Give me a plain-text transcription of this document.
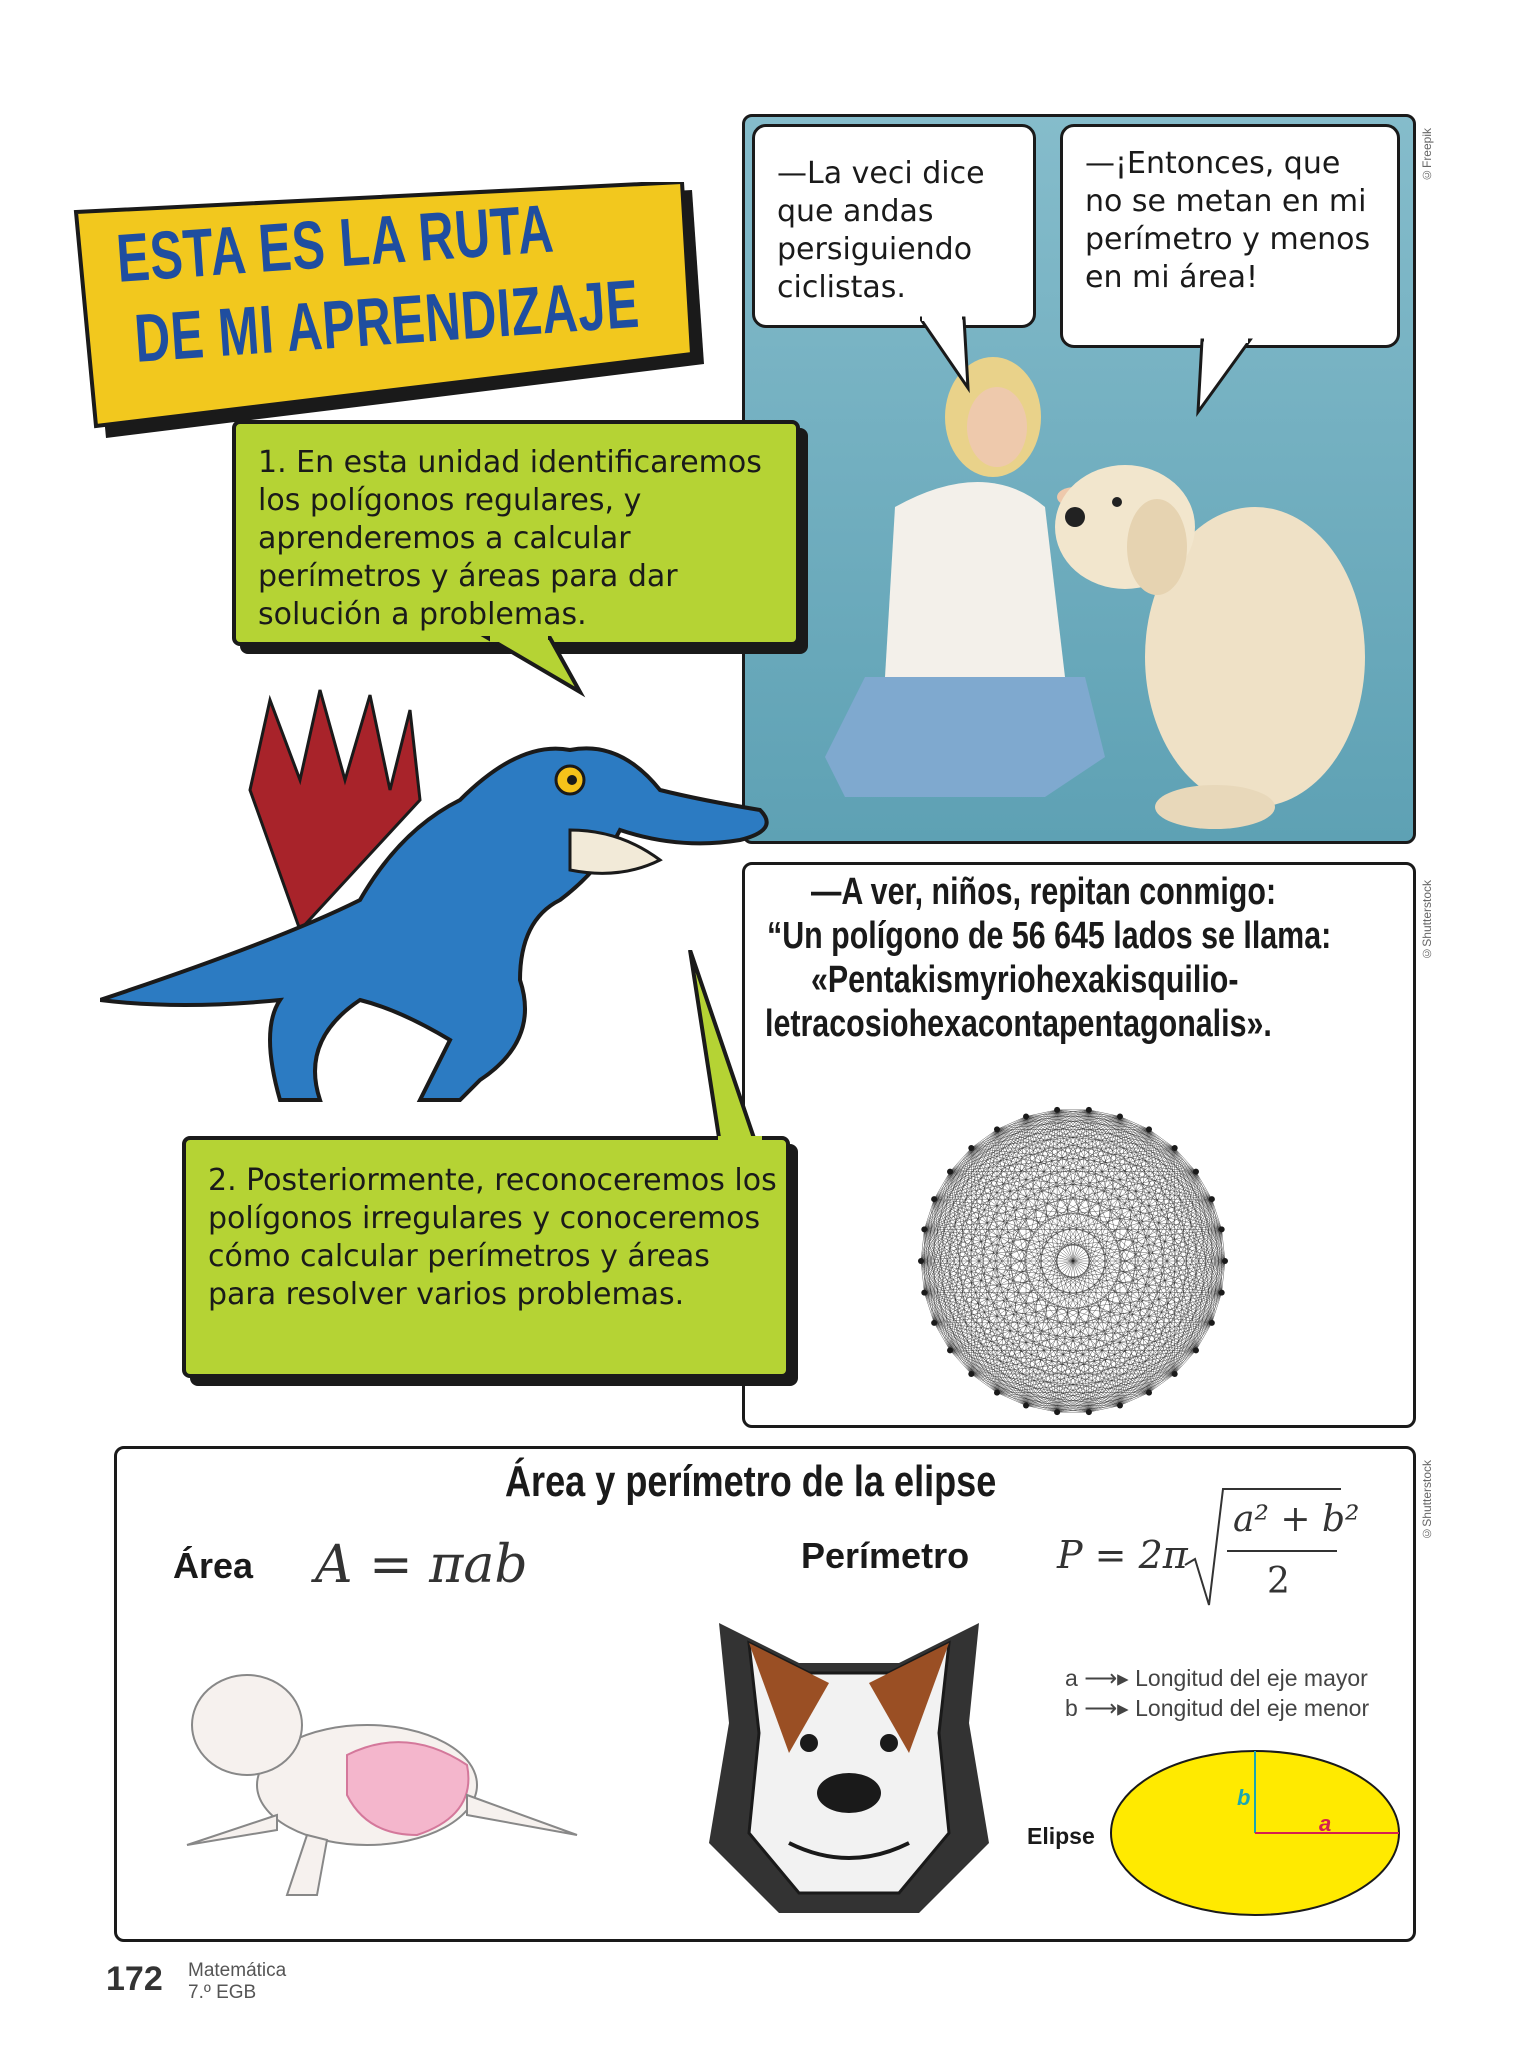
ESTA ES LA RUTA
DE MI APRENDIZAJE
©Freepik
—La veci dice que andas persiguiendo ciclistas.
—¡Entonces, que no se metan en mi perímetro y menos en mi área!
1. En esta unidad identificaremos los polígonos regulares, y aprenderemos a calcular perímetros y áreas para dar solución a problemas.
—A ver, niños, repitan conmigo:
“Un polígono de 56 645 lados se llama:
«Pentakismyriohexakisquilio-
letracosiohexacontapentagonalis».
©Shutterstock
2. Posteriormente, reconoceremos los polígonos irregulares y conoceremos cómo calcular perímetros y áreas para resolver varios problemas.
Área y perímetro de la elipse
Área A = πab	Perímetro P = 2π
a² + b²
2
a ⟶▸ Longitud del eje mayor
b ⟶▸ Longitud del eje menor
Elipse
b
a
©Shutterstock
172 Matemática
7.º EGB
